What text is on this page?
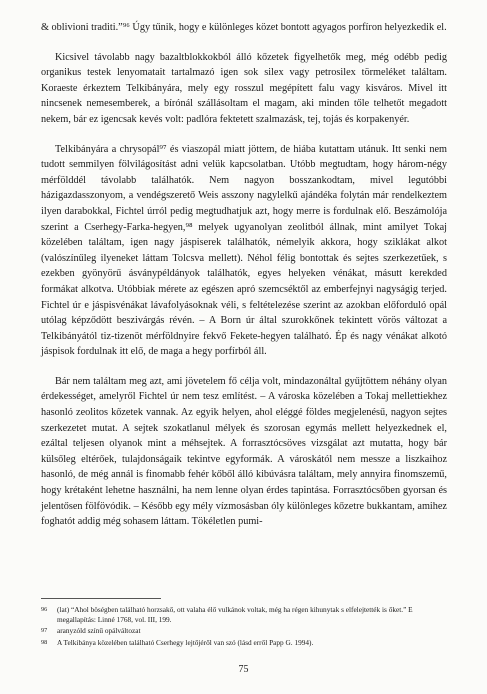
& oblivioni traditi.”⁹⁶ Úgy tűnik, hogy e különleges közet bontott agyagos porfíron helyezkedik el.

Kicsivel távolabb nagy bazaltblokkokból álló kőzetek figyelhetők meg, még odébb pedig organikus testek lenyomatait tartalmazó igen sok silex vagy petrosilex törmeléket találtam. Koraeste érkeztem Telkibányára, mely egy rosszul megépített falu vagy kisváros. Mivel itt nincsenek nemesemberek, a bírónál szállásoltam el magam, aki minden tőle telhetőt megadott nekem, bár ez igencsak kevés volt: padlóra fektetett szalmazásk, tej, tojás és korpakenyér.

Telkibányára a chrysopál⁹⁷ és viaszopál miatt jöttem, de hiába kutattam utánuk. Itt senki nem tudott semmilyen fölvilágosítást adni velük kapcsolatban. Utóbb megtudtam, hogy három-négy mérfölddél távolabb találhatók. Nem nagyon bosszankodtam, mivel legutóbbi házigazdasszonyom, a vendégszerető Weis asszony nagylelkű ajándéka folytán már rendelkeztem ilyen darabokkal, Fichtel úrról pedig megtudhatjuk azt, hogy merre is fordulnak elő. Beszámolója szerint a Cserhegy-Farka-hegyen,⁹⁸ melyek ugyanolyan zeolitból állnak, mint amilyet Tokaj közelében találtam, igen nagy jáspiserek találhatók, némelyik akkora, hogy sziklákat alkot (valószínűleg ilyeneket láttam Tolcsva mellett). Néhol félig bontottak és sejtes szerkezetűek, s ezekben gyönyörű ásványpéldányok találhatók, egyes helyeken vénákat, másutt kerekded formákat alkotva. Utóbbiak mérete az egészen apró szemcséktől az emberfejnyi nagyságig terjed. Fichtel úr e jáspisvénákat lávafolyásoknak véli, s feltételezése szerint az azokban előforduló opál utólag képződött beszivárgás révén. – A Born úr által szurokkőnek tekintett vörös változat a Telkibányától tiz-tizenöt mérföldnyire fekvő Fekete-hegyen található. Ép és nagy vénákat alkotó jáspisok fordulnak itt elő, de maga a hegy porfírból áll.

Bár nem találtam meg azt, ami jövetelem fő célja volt, mindazonáltal gyűjtöttem néhány olyan érdekességet, amelyről Fichtel úr nem tesz említést. – A városka közelében a Tokaj mellettiekhez hasonló zeolitos kőzetek vannak. Az egyik helyen, ahol eléggé földes megjelenésű, nagyon sejtes szerkezetet mutat. A sejtek szokatlanul mélyek és szorosan egymás mellett helyezkednek el, ezáltal teljesen olyanok mint a méhsejtek. A forrasztócsöves vizsgálat azt mutatta, hogy bár külsőleg eltérőek, tulajdonságaik tekintve egyformák. A városkától nem messze a liszkaihoz hasonló, de még annál is finomabb fehér kőből álló kibúvásra találtam, mely annyira finomszemű, hogy krétaként lehetne használni, ha nem lenne olyan érdes tapintása. Forrasztócsőben gyorsan és jelentősen fölfövódik. – Később egy mély vízmosásban óly különleges kőzetre bukkantam, amihez foghatót addig még sohasem láttam. Tökéletlen pumi-

96	(lat) “Ahol böségben található horzsakő, ott valaha élő vulkánok voltak, még ha régen kihunytak s elfelejtették is őket.” E megallapítás: Linné 1768, vol. III, 199.
97	aranyzóld színű opálváltozat
98	A Telkibánya közelében található Cserhegy lejtőjéről van szó (lásd erről Papp G. 1994).
75
